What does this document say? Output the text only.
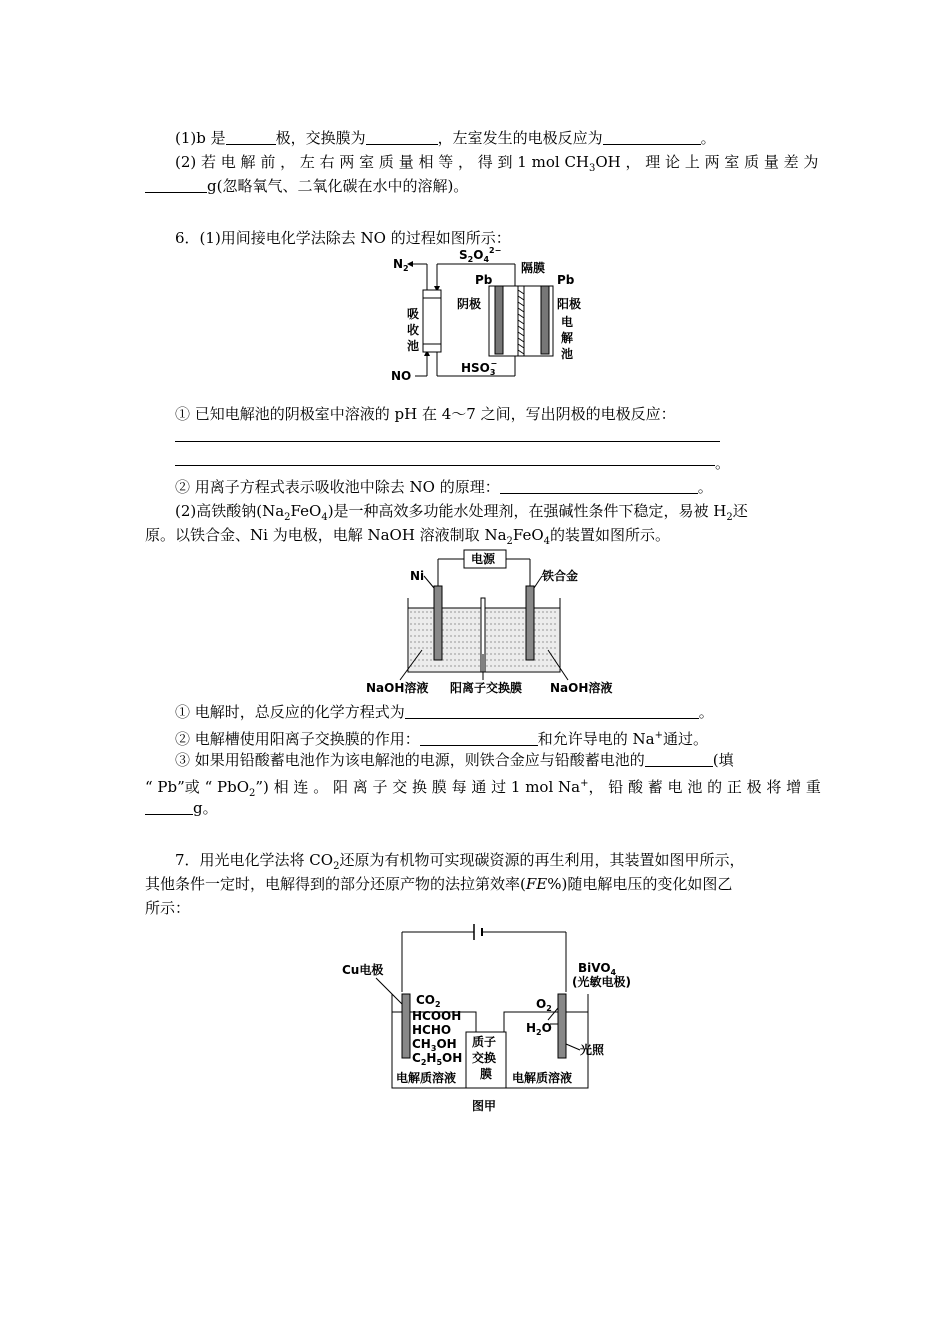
(1)b 是	极，交换膜为	，左室发生的电极反应为	。
(2) 若 电 解 前 ， 左 右 两 室 质 量 相 等 ， 得 到 1 mol $CH_3OH$ ， 理 论 上 两 室 质 量 差 为
g(忽略氧气、二氧化碳在水中的溶解)。
6．(1)用间接电化学法除去 NO 的过程如图所示：
$N_2$
$S_2O_4^{2-}$
隔膜
Pb	Pb
阴极	阳极
吸
收
池
电
解
池
NO
$HSO_3-$
① 已知电解池的阴极室中溶液的 pH 在 4～7 之间，写出阴极的电极反应：
。
② 用离子方程式表示吸收池中除去 NO 的原理：	。
(2)高铁酸钠$(Na_2FeO_4)$是一种高效多功能水处理剂，在强碱性条件下稳定，易被 $H_2$还
原。以铁合金、Ni 为电极，电解 NaOH 溶液制取 $Na_2FeO_4$的装置如图所示。
电源
Ni	铁合金
NaOH溶液 阳离子交换膜 NaOH溶液
① 电解时，总反应的化学方程式为	。
② 电解槽使用阳离子交换膜的作用：	和允许导电的 Na+通过。
③ 如果用铅酸蓄电池作为该电解池的电源，则铁合金应与铅酸蓄电池的	(填
“ Pb”或 “ PbO$_2$”) 相 连 。 阳 离 子 交 换 膜 每 通 过 1 mol Na+， 铅 酸 蓄 电 池 的 正 极 将 增 重
g。
7．用光电化学法将 $CO_2$还原为有机物可实现碳资源的再生利用，其装置如图甲所示，
其他条件一定时，电解得到的部分还原产物的法拉第效率(FE%)随电解电压的变化如图乙
所示：
Cu电极
$CO_2$
HCOOH
HCHO
$CH_3OH$
$C_2H_5OH$
BiVO$_4$
(光敏电极)
$O_2$
$H_2O$
光照
质子
交换
膜
电解质溶液	电解质溶液
图甲
